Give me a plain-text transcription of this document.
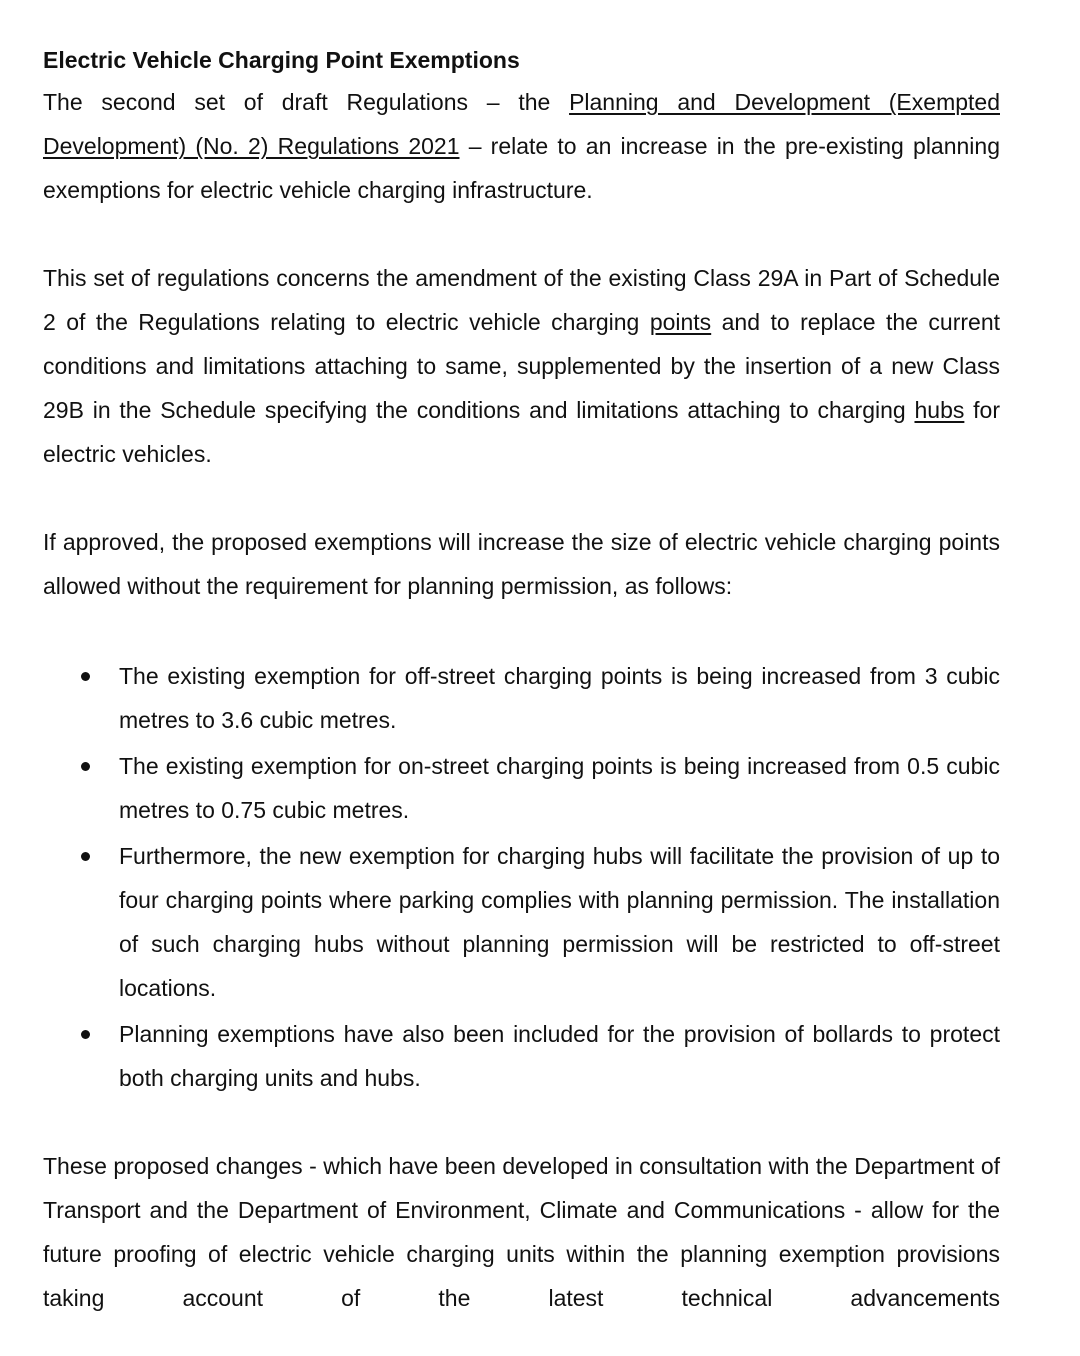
Electric Vehicle Charging Point Exemptions

The second set of draft Regulations – the Planning and Development (Exempted Development) (No. 2) Regulations 2021 – relate to an increase in the pre-existing planning exemptions for electric vehicle charging infrastructure.

This set of regulations concerns the amendment of the existing Class 29A in Part of Schedule 2 of the Regulations relating to electric vehicle charging points and to replace the current conditions and limitations attaching to same, supplemented by the insertion of a new Class 29B in the Schedule specifying the conditions and limitations attaching to charging hubs for electric vehicles.

If approved, the proposed exemptions will increase the size of electric vehicle charging points allowed without the requirement for planning permission, as follows:

The existing exemption for off-street charging points is being increased from 3 cubic metres to 3.6 cubic metres.
The existing exemption for on-street charging points is being increased from 0.5 cubic metres to 0.75 cubic metres.
Furthermore, the new exemption for charging hubs will facilitate the provision of up to four charging points where parking complies with planning permission. The installation of such charging hubs without planning permission will be restricted to off-street locations.
Planning exemptions have also been included for the provision of bollards to protect both charging units and hubs.

These proposed changes - which have been developed in consultation with the Department of Transport and the Department of Environment, Climate and Communications - allow for the future proofing of electric vehicle charging units within the planning exemption provisions taking account of the latest technical advancements
